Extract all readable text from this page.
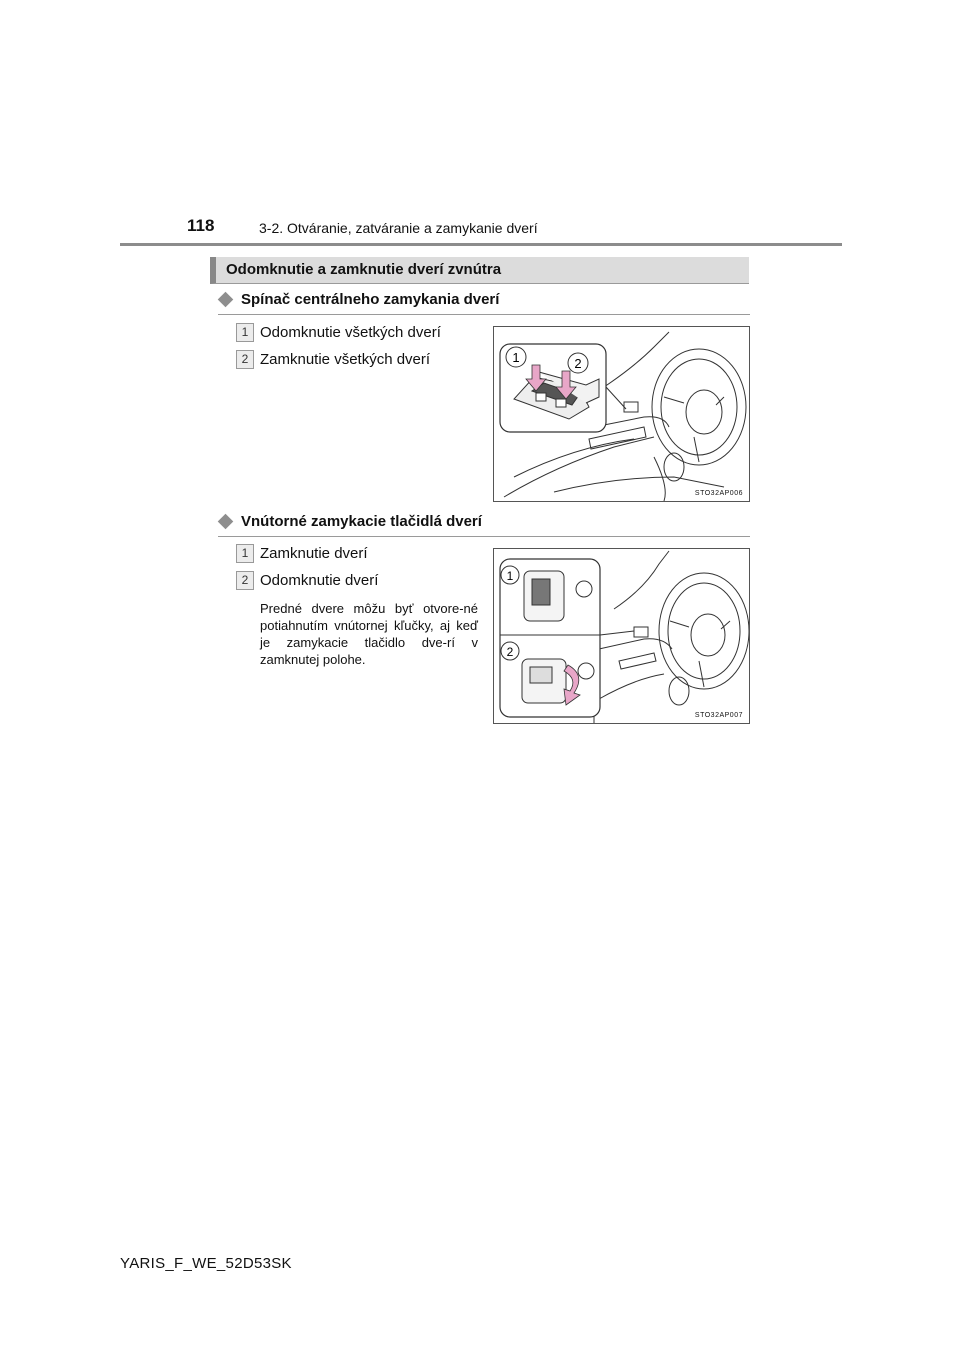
118	3-2. Otváranie, zatváranie a zamykanie dverí
Odomknutie a zamknutie dverí zvnútra
Spínač centrálneho zamykania dverí
1 Odomknutie všetkých dverí
2 Zamknutie všetkých dverí	1	2
STO32AP006
Vnútorné zamykacie tlačidlá dverí
1 Zamknutie dverí
2 Odomknutie dverí
Predné dvere môžu byť otvore-né potiahnutím vnútornej kľučky, aj keď je zamykacie tlačidlo dve-rí v zamknutej polohe.
1
2
STO32AP007
YARIS_F_WE_52D53SK
